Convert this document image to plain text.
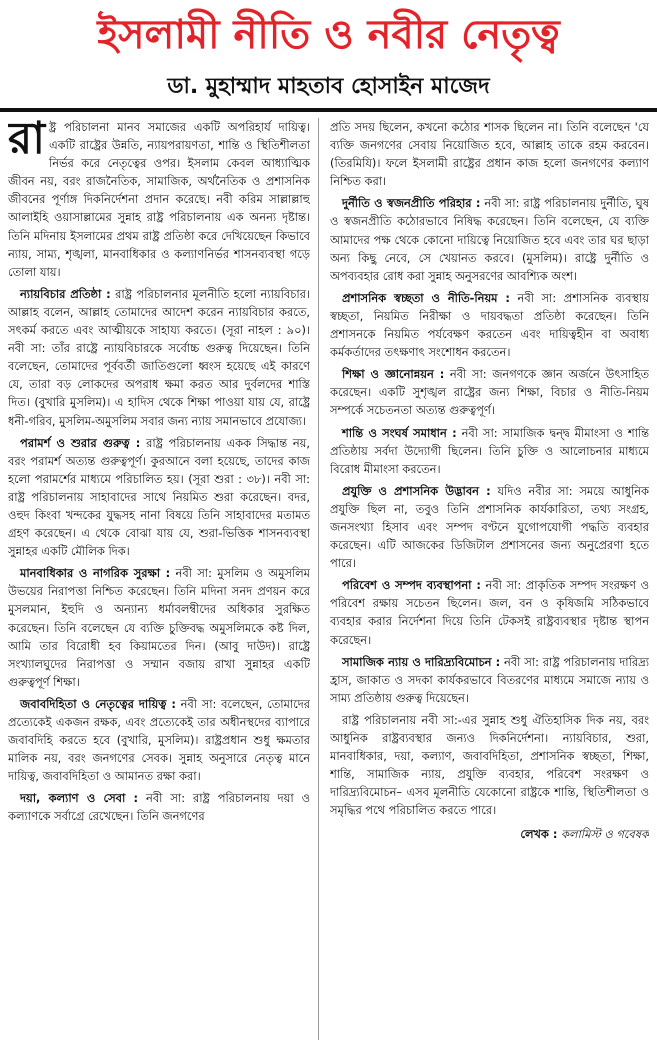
ইসলামী নীতি ও নবীর নেতৃত্ব
ডা. মুহাম্মাদ মাহতাব হোসাইন মাজেদ

রাষ্ট্র পরিচালনা মানব সমাজের একটি অপরিহার্য দায়িত্ব। একটি রাষ্ট্রের উন্নতি, ন্যায়পরায়ণতা, শান্তি ও স্থিতিশীলতা নির্ভর করে নেতৃত্বের ওপর। ইসলাম কেবল আধ্যাত্মিক জীবন নয়, বরং রাজনৈতিক, সামাজিক, অর্থনৈতিক ও প্রশাসনিক জীবনের পূর্ণাঙ্গ দিকনির্দেশনা প্রদান করেছে। নবী করিম সাল্লাল্লাহু আলাইহি ওয়াসাল্লামের সুন্নাহ রাষ্ট্র পরিচালনায় এক অনন্য দৃষ্টান্ত। তিনি মদিনায় ইসলামের প্রথম রাষ্ট্র প্রতিষ্ঠা করে দেখিয়েছেন কিভাবে ন্যায়, সাম্য, শৃঙ্খলা, মানবাধিকার ও কল্যাণনির্ভর শাসনব্যবস্থা গড়ে তোলা যায়।

ন্যায়বিচার প্রতিষ্ঠা : রাষ্ট্র পরিচালনার মূলনীতি হলো ন্যায়বিচার। আল্লাহ বলেন, আল্লাহ তোমাদের আদেশ করেন ন্যায়বিচার করতে, সৎকর্ম করতে এবং আত্মীয়কে সাহায্য করতে। (সূরা নাহল : ৯০)। নবী সা: তাঁর রাষ্ট্রে ন্যায়বিচারকে সর্বোচ্চ গুরুত্ব দিয়েছেন। তিনি বলেছেন, তোমাদের পূর্ববর্তী জাতিগুলো ধ্বংস হয়েছে এই কারণে যে, তারা বড় লোকদের অপরাধ ক্ষমা করত আর দুর্বলদের শাস্তি দিত। (বুখারি মুসলিম)। এ হাদিস থেকে শিক্ষা পাওয়া যায় যে, রাষ্ট্রে ধনী-গরিব, মুসলিম-অমুসলিম সবার জন্য ন্যায় সমানভাবে প্রযোজ্য।

পরামর্শ ও শুরার গুরুত্ব : রাষ্ট্র পরিচালনায় একক সিদ্ধান্ত নয়, বরং পরামর্শ অত্যন্ত গুরুত্বপূর্ণ। কুরআনে বলা হয়েছে, তাদের কাজ হলো পরামর্শের মাধ্যমে পরিচালিত হয়। (সূরা শুরা : ৩৮)। নবী সা: রাষ্ট্র পরিচালনায় সাহাবাদের সাথে নিয়মিত শুরা করেছেন। বদর, ওহুদ কিংবা খন্দকের যুদ্ধসহ নানা বিষয়ে তিনি সাহাবাদের মতামত গ্রহণ করেছেন। এ থেকে বোঝা যায় যে, শুরা-ভিত্তিক শাসনব্যবস্থা সুন্নাহর একটি মৌলিক দিক।

মানবাধিকার ও নাগরিক সুরক্ষা : নবী সা: মুসলিম ও অমুসলিম উভয়ের নিরাপত্তা নিশ্চিত করেছেন। তিনি মদিনা সনদ প্রণয়ন করে মুসলমান, ইহুদি ও অন্যান্য ধর্মাবলম্বীদের অধিকার সুরক্ষিত করেছেন। তিনি বলেছেন যে ব্যক্তি চুক্তিবদ্ধ অমুসলিমকে কষ্ট দিল, আমি তার বিরোধী হব কিয়ামতের দিন। (আবু দাউদ)। রাষ্ট্রে সংখ্যালঘুদের নিরাপত্তা ও সম্মান বজায় রাখা সুন্নাহর একটি গুরুত্বপূর্ণ শিক্ষা।

জবাবদিহিতা ও নেতৃত্বের দায়িত্ব : নবী সা: বলেছেন, তোমাদের প্রত্যেকেই একজন রক্ষক, এবং প্রত্যেকেই তার অধীনস্থদের ব্যাপারে জবাবদিহি করতে হবে (বুখারি, মুসলিম)। রাষ্ট্রপ্রধান শুধু ক্ষমতার মালিক নয়, বরং জনগণের সেবক। সুন্নাহ অনুসারে নেতৃত্ব মানে দায়িত্ব, জবাবদিহিতা ও আমানত রক্ষা করা।

দয়া, কল্যাণ ও সেবা : নবী সা: রাষ্ট্র পরিচালনায় দয়া ও কল্যাণকে সর্বাগ্রে রেখেছেন। তিনি জনগণের

প্রতি সদয় ছিলেন, কখনো কঠোর শাসক ছিলেন না। তিনি বলেছেন 'যে ব্যক্তি জনগণের সেবায় নিয়োজিত হবে, আল্লাহ তাকে রহম করবেন। (তিরমিযি)। ফলে ইসলামী রাষ্ট্রের প্রধান কাজ হলো জনগণের কল্যাণ নিশ্চিত করা।

দুর্নীতি ও স্বজনপ্রীতি পরিহার : নবী সা: রাষ্ট্র পরিচালনায় দুর্নীতি, ঘুষ ও স্বজনপ্রীতি কঠোরভাবে নিষিদ্ধ করেছেন। তিনি বলেছেন, যে ব্যক্তি আমাদের পক্ষ থেকে কোনো দায়িত্বে নিয়োজিত হবে এবং তার ঘর ছাড়া অন্য কিছু নেবে, সে খেয়ানত করবে। (মুসলিম)। রাষ্ট্রে দুর্নীতি ও অপব্যবহার রোধ করা সুন্নাহ অনুসরণের আবশ্যিক অংশ।

প্রশাসনিক স্বচ্ছতা ও নীতি-নিয়ম : নবী সা: প্রশাসনিক ব্যবস্থায় স্বচ্ছতা, নিয়মিত নিরীক্ষা ও দায়বদ্ধতা প্রতিষ্ঠা করেছেন। তিনি প্রশাসনকে নিয়মিত পর্যবেক্ষণ করতেন এবং দায়িত্বহীন বা অবাধ্য কর্মকর্তাদের তৎক্ষণাৎ সংশোধন করতেন।

শিক্ষা ও জ্ঞানোন্নয়ন : নবী সা: জনগণকে জ্ঞান অর্জনে উৎসাহিত করেছেন। একটি সুশৃঙ্খল রাষ্ট্রের জন্য শিক্ষা, বিচার ও নীতি-নিয়ম সম্পর্কে সচেতনতা অত্যন্ত গুরুত্বপূর্ণ।

শান্তি ও সংঘর্ষ সমাধান : নবী সা: সামাজিক দ্বন্দ্ব মীমাংসা ও শান্তি প্রতিষ্ঠায় সর্বদা উদ্যোগী ছিলেন। তিনি চুক্তি ও আলোচনার মাধ্যমে বিরোধ মীমাংসা করতেন।

প্রযুক্তি ও প্রশাসনিক উদ্ভাবন : যদিও নবীর সা: সময়ে আধুনিক প্রযুক্তি ছিল না, তবুও তিনি প্রশাসনিক কার্যকারিতা, তথ্য সংগ্রহ, জনসংখ্যা হিসাব এবং সম্পদ বণ্টনে যুগোপযোগী পদ্ধতি ব্যবহার করেছেন। এটি আজকের ডিজিটাল প্রশাসনের জন্য অনুপ্রেরণা হতে পারে।

পরিবেশ ও সম্পদ ব্যবস্থাপনা : নবী সা: প্রাকৃতিক সম্পদ সংরক্ষণ ও পরিবেশ রক্ষায় সচেতন ছিলেন। জল, বন ও কৃষিজমি সঠিকভাবে ব্যবহার করার নির্দেশনা দিয়ে তিনি টেকসই রাষ্ট্রব্যবস্থার দৃষ্টান্ত স্থাপন করেছেন।

সামাজিক ন্যায় ও দারিদ্র্যবিমোচন : নবী সা: রাষ্ট্র পরিচালনায় দারিদ্র্য হ্রাস, জাকাত ও সদকা কার্যকরভাবে বিতরণের মাধ্যমে সমাজে ন্যায় ও সাম্য প্রতিষ্ঠায় গুরুত্ব দিয়েছেন।

রাষ্ট্র পরিচালনায় নবী সা:-এর সুন্নাহ শুধু ঐতিহাসিক দিক নয়, বরং আধুনিক রাষ্ট্রব্যবস্থার জন্যও দিকনির্দেশনা। ন্যায়বিচার, শুরা, মানবাধিকার, দয়া, কল্যাণ, জবাবদিহিতা, প্রশাসনিক স্বচ্ছতা, শিক্ষা, শান্তি, সামাজিক ন্যায়, প্রযুক্তি ব্যবহার, পরিবেশ সংরক্ষণ ও দারিদ্র্যবিমোচন– এসব মূলনীতি যেকোনো রাষ্ট্রকে শান্তি, স্থিতিশীলতা ও সমৃদ্ধির পথে পরিচালিত করতে পারে।

লেখক : কলামিস্ট ও গবেষক
